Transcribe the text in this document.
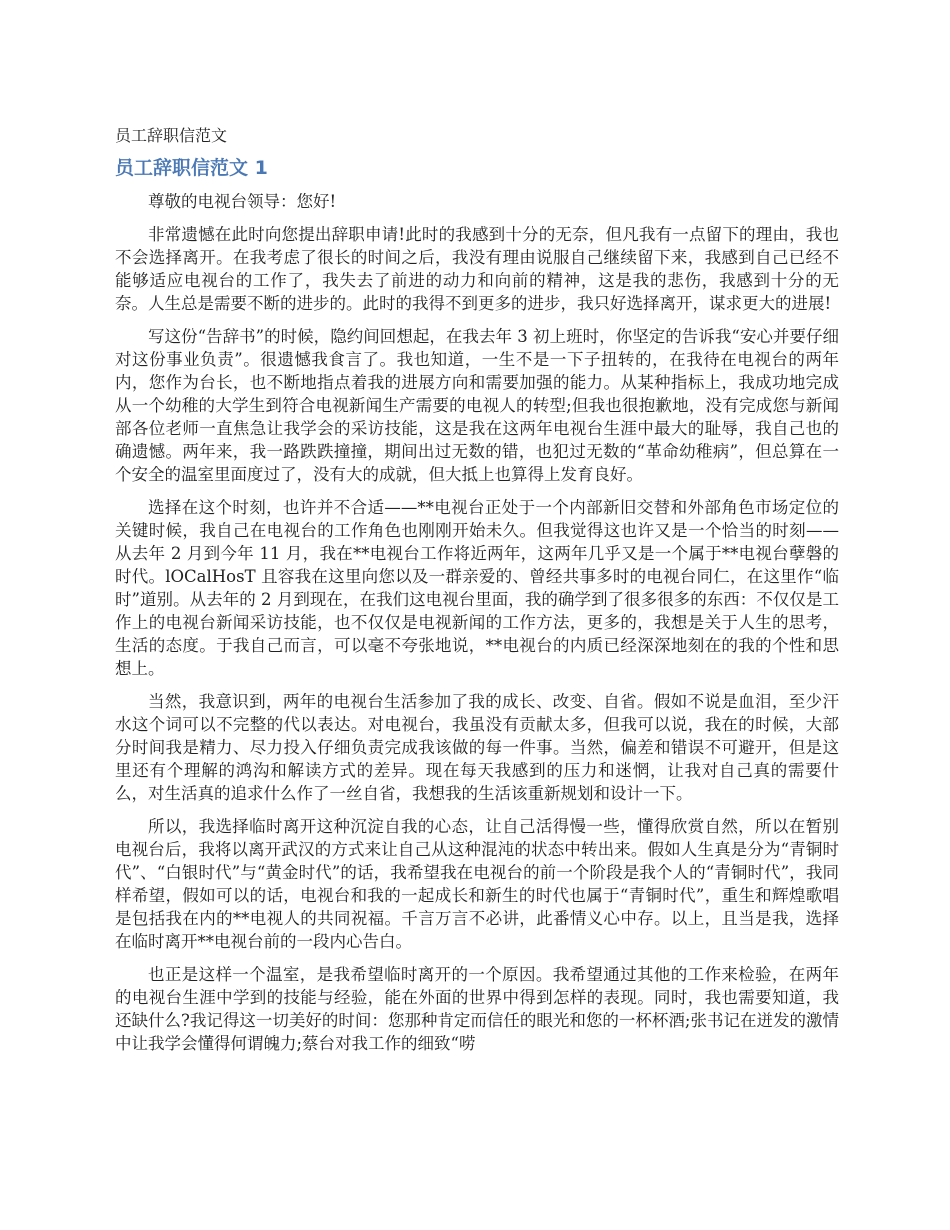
员工辞职信范文
员工辞职信范文 1

尊敬的电视台领导：您好!

非常遗憾在此时向您提出辞职申请!此时的我感到十分的无奈，但凡我有一点留下的理由，我也不会选择离开。在我考虑了很长的时间之后，我没有理由说服自己继续留下来，我感到自己已经不能够适应电视台的工作了，我失去了前进的动力和向前的精神，这是我的悲伤，我感到十分的无奈。人生总是需要不断的进步的。此时的我得不到更多的进步，我只好选择离开，谋求更大的进展!

写这份“告辞书”的时候，隐约间回想起，在我去年 3 初上班时，你坚定的告诉我“安心并要仔细对这份事业负责”。很遗憾我食言了。我也知道，一生不是一下子扭转的，在我待在电视台的两年内，您作为台长，也不断地指点着我的进展方向和需要加强的能力。从某种指标上，我成功地完成从一个幼稚的大学生到符合电视新闻生产需要的电视人的转型;但我也很抱歉地，没有完成您与新闻部各位老师一直焦急让我学会的采访技能，这是我在这两年电视台生涯中最大的耻辱，我自己也的确遗憾。两年来，我一路跌跌撞撞，期间出过无数的错，也犯过无数的“革命幼稚病”，但总算在一个安全的温室里面度过了，没有大的成就，但大抵上也算得上发育良好。

选择在这个时刻，也许并不合适——**电视台正处于一个内部新旧交替和外部角色市场定位的关键时候，我自己在电视台的工作角色也刚刚开始未久。但我觉得这也许又是一个恰当的时刻——从去年 2 月到今年 11 月，我在**电视台工作将近两年，这两年几乎又是一个属于**电视台孽磐的时代。lOCalHosT 且容我在这里向您以及一群亲爱的、曾经共事多时的电视台同仁，在这里作“临时”道别。从去年的 2 月到现在，在我们这电视台里面，我的确学到了很多很多的东西：不仅仅是工作上的电视台新闻采访技能，也不仅仅是电视新闻的工作方法，更多的，我想是关于人生的思考，生活的态度。于我自己而言，可以毫不夸张地说，**电视台的内质已经深深地刻在的我的个性和思想上。

当然，我意识到，两年的电视台生活参加了我的成长、改变、自省。假如不说是血泪，至少汗水这个词可以不完整的代以表达。对电视台，我虽没有贡献太多，但我可以说，我在的时候，大部分时间我是精力、尽力投入仔细负责完成我该做的每一件事。当然，偏差和错误不可避开，但是这里还有个理解的鸿沟和解读方式的差异。现在每天我感到的压力和迷惘，让我对自己真的需要什么，对生活真的追求什么作了一丝自省，我想我的生活该重新规划和设计一下。

所以，我选择临时离开这种沉淀自我的心态，让自己活得慢一些，懂得欣赏自然，所以在暂别电视台后，我将以离开武汉的方式来让自己从这种混沌的状态中转出来。假如人生真是分为“青铜时代”、“白银时代”与“黄金时代”的话，我希望我在电视台的前一个阶段是我个人的“青铜时代”，我同样希望，假如可以的话，电视台和我的一起成长和新生的时代也属于“青铜时代”，重生和辉煌歌唱是包括我在内的**电视人的共同祝福。千言万言不必讲，此番情义心中存。以上，且当是我，选择在临时离开**电视台前的一段内心告白。

也正是这样一个温室，是我希望临时离开的一个原因。我希望通过其他的工作来检验，在两年的电视台生涯中学到的技能与经验，能在外面的世界中得到怎样的表现。同时，我也需要知道，我还缺什么?我记得这一切美好的时间：您那种肯定而信任的眼光和您的一杯杯酒;张书记在迸发的激情中让我学会懂得何谓魄力;蔡台对我工作的细致“唠
